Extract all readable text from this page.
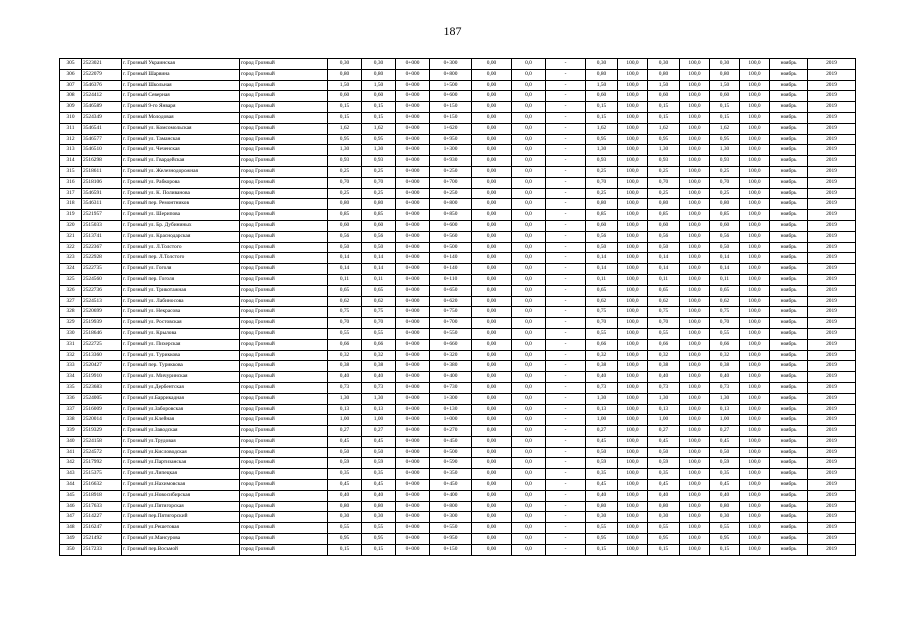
187
305	2523021	г. Грозный Украинская	город Грозный	0,30	0,30	0+000	0+300	0,00	0,0	-	0,30	100,0	0,30	100,0	0,30	100,0	ноябрь	2019
306	2522079	г. Грозный Шарвина	город Грозный	0,80	0,80	0+000	0+800	0,00	0,0	-	0,80	100,0	0,80	100,0	0,80	100,0	ноябрь	2019
307	3546376	г. Грозный Школьная	город Грозный	1,50	1,50	0+000	1+500	0,00	0,0	-	1,50	100,0	1,50	100,0	1,50	100,0	ноябрь	2019
308	2524412	г. Грозный Северная	город Грозный	0,60	0,60	0+000	0+600	0,00	0,0	-	0,60	100,0	0,60	100,0	0,60	100,0	ноябрь	2019
309	3546589	г. Грозный 9-го Января	город Грозный	0,15	0,15	0+000	0+150	0,00	0,0	-	0,15	100,0	0,15	100,0	0,15	100,0	ноябрь	2019
310	2524349	г. Грозный Молодовая	город Грозный	0,15	0,15	0+000	0+150	0,00	0,0	-	0,15	100,0	0,15	100,0	0,15	100,0	ноябрь	2019
311	3546541	г. Грозный ул. Комсомольская	город Грозный	1,62	1,62	0+000	1+620	0,00	0,0	-	1,62	100,0	1,62	100,0	1,62	100,0	ноябрь	2019
312	3546577	г. Грозный ул. Таманская	город Грозный	0,95	0,95	0+000	0+950	0,00	0,0	-	0,95	100,0	0,95	100,0	0,95	100,0	ноябрь	2019
313	3546510	г. Грозный ул. Чеченская	город Грозный	1,30	1,30	0+000	1+300	0,00	0,0	-	1,30	100,0	1,30	100,0	1,30	100,0	ноябрь	2019
314	2516298	г. Грозный ул. Гвардейская	город Грозный	0,93	0,93	0+000	0+930	0,00	0,0	-	0,93	100,0	0,93	100,0	0,93	100,0	ноябрь	2019
315	2518611	г. Грозный ул. Железнодорожная	город Грозный	0,25	0,25	0+000	0+250	0,00	0,0	-	0,25	100,0	0,25	100,0	0,25	100,0	ноябрь	2019
316	2518106	г. Грозный ул. Рабкорова	город Грозный	0,70	0,70	0+000	0+700	0,00	0,0	-	0,70	100,0	0,70	100,0	0,70	100,0	ноябрь	2019
317	3546591	г. Грозный ул. К. Поливанова	город Грозный	0,25	0,25	0+000	0+250	0,00	0,0	-	0,25	100,0	0,25	100,0	0,25	100,0	ноябрь	2019
318	3546311	г. Грозный пер. Ремонтников	город Грозный	0,80	0,80	0+000	0+800	0,00	0,0	-	0,80	100,0	0,80	100,0	0,80	100,0	ноябрь	2019
319	2521957	г. Грозный ул. Шерипова	город Грозный	0,85	0,85	0+000	0+850	0,00	0,0	-	0,85	100,0	0,85	100,0	0,85	100,0	ноябрь	2019
320	2515033	г. Грозный ул. Бр. Дубининых	город Грозный	0,60	0,60	0+000	0+600	0,00	0,0	-	0,60	100,0	0,60	100,0	0,60	100,0	ноябрь	2019
321	2513741	г. Грозный ул. Краснодарская	город Грозный	0,56	0,56	0+000	0+560	0,00	0,0	-	0,56	100,0	0,56	100,0	0,56	100,0	ноябрь	2019
322	2522367	г. Грозный ул. Л.Толстого	город Грозный	0,50	0,50	0+000	0+500	0,00	0,0	-	0,50	100,0	0,50	100,0	0,50	100,0	ноябрь	2019
323	2522928	г. Грозный пер. Л.Толстого	город Грозный	0,14	0,14	0+000	0+140	0,00	0,0	-	0,14	100,0	0,14	100,0	0,14	100,0	ноябрь	2019
324	2522735	г. Грозный ул. Гоголя	город Грозный	0,14	0,14	0+000	0+140	0,00	0,0	-	0,14	100,0	0,14	100,0	0,14	100,0	ноябрь	2019
325	2524560	г. Грозный пер. Гоголя	город Грозный	0,11	0,11	0+000	0+110	0,00	0,0	-	0,11	100,0	0,11	100,0	0,11	100,0	ноябрь	2019
326	2522736	г. Грозный ул. Трикотажная	город Грозный	0,65	0,65	0+000	0+650	0,00	0,0	-	0,65	100,0	0,65	100,0	0,65	100,0	ноябрь	2019
327	2524513	г. Грозный ул. Лабиносова	город Грозный	0,62	0,62	0+000	0+620	0,00	0,0	-	0,62	100,0	0,62	100,0	0,62	100,0	ноябрь	2019
328	2520699	г. Грозный ул. Некрасова	город Грозный	0,75	0,75	0+000	0+750	0,00	0,0	-	0,75	100,0	0,75	100,0	0,75	100,0	ноябрь	2019
329	2519939	г. Грозный ул. Ростовская	город Грозный	0,70	0,70	0+000	0+700	0,00	0,0	-	0,70	100,0	0,70	100,0	0,70	100,0	ноябрь	2019
330	2518646	г. Грозный ул. Крылова	город Грозный	0,55	0,55	0+000	0+550	0,00	0,0	-	0,55	100,0	0,55	100,0	0,55	100,0	ноябрь	2019
331	2522725	г. Грозный ул. Пихерская	город Грозный	0,66	0,66	0+000	0+660	0,00	0,0	-	0,66	100,0	0,66	100,0	0,66	100,0	ноябрь	2019
332	2513360	г. Грозный ул. Туриккова	город Грозный	0,32	0,32	0+000	0+320	0,00	0,0	-	0,32	100,0	0,32	100,0	0,32	100,0	ноябрь	2019
333	2520427	г. Грозный пер. Туриккова	город Грозный	0,38	0,38	0+000	0+380	0,00	0,0	-	0,38	100,0	0,38	100,0	0,38	100,0	ноябрь	2019
334	2519910	г. Грозный ул. Мичуринская	город Грозный	0,40	0,40	0+000	0+400	0,00	0,0	-	0,40	100,0	0,40	100,0	0,40	100,0	ноябрь	2019
335	2523683	г. Грозный ул.Дербентская	город Грозный	0,73	0,73	0+000	0+730	0,00	0,0	-	0,73	100,0	0,73	100,0	0,73	100,0	ноябрь	2019
336	2524005	г. Грозный ул.Баррикадная	город Грозный	1,30	1,30	0+000	1+300	0,00	0,0	-	1,30	100,0	1,30	100,0	1,30	100,0	ноябрь	2019
337	2516009	г. Грозный ул.Заборовская	город Грозный	0,13	0,13	0+000	0+130	0,00	0,0	-	0,13	100,0	0,13	100,0	0,13	100,0	ноябрь	2019
338	2520014	г. Грозный ул.Клейная	город Грозный	1,00	1,00	0+000	1+000	0,00	0,0	-	1,00	100,0	1,00	100,0	1,00	100,0	ноябрь	2019
339	2519329	г. Грозный ул.Заводская	город Грозный	0,27	0,27	0+000	0+270	0,00	0,0	-	0,27	100,0	0,27	100,0	0,27	100,0	ноябрь	2019
340	2524158	г. Грозный ул.Трудовая	город Грозный	0,45	0,45	0+000	0+450	0,00	0,0	-	0,45	100,0	0,45	100,0	0,45	100,0	ноябрь	2019
341	2524572	г. Грозный ул.Кисловодская	город Грозный	0,50	0,50	0+000	0+500	0,00	0,0	-	0,50	100,0	0,50	100,0	0,50	100,0	ноябрь	2019
342	2517992	г. Грозный ул.Партизанская	город Грозный	0,59	0,59	0+000	0+590	0,00	0,0	-	0,59	100,0	0,59	100,0	0,59	100,0	ноябрь	2019
343	2515375	г. Грозный ул.Липецкая	город Грозный	0,35	0,35	0+000	0+350	0,00	0,0	-	0,35	100,0	0,35	100,0	0,35	100,0	ноябрь	2019
344	2516632	г. Грозный ул.Нахимовская	город Грозный	0,45	0,45	0+000	0+450	0,00	0,0	-	0,45	100,0	0,45	100,0	0,45	100,0	ноябрь	2019
345	2518918	г. Грозный ул.Новосибирская	город Грозный	0,40	0,40	0+000	0+400	0,00	0,0	-	0,40	100,0	0,40	100,0	0,40	100,0	ноябрь	2019
346	2517633	г. Грозный ул.Пятигорская	город Грозный	0,80	0,80	0+000	0+800	0,00	0,0	-	0,80	100,0	0,80	100,0	0,80	100,0	ноябрь	2019
347	2514227	г. Грозный пер.Пятигорский	город Грозный	0,30	0,30	0+000	0+300	0,00	0,0	-	0,30	100,0	0,30	100,0	0,30	100,0	ноябрь	2019
348	2516247	г. Грозный ул.Решетовая	город Грозный	0,55	0,55	0+000	0+550	0,00	0,0	-	0,55	100,0	0,55	100,0	0,55	100,0	ноябрь	2019
349	2521492	г. Грозный ул.Мансурова	город Грозный	0,95	0,95	0+000	0+950	0,00	0,0	-	0,95	100,0	0,95	100,0	0,95	100,0	ноябрь	2019
350	2517233	г. Грозный пер.Восьмой	город Грозный	0,15	0,15	0+000	0+150	0,00	0,0	-	0,15	100,0	0,15	100,0	0,15	100,0	ноябрь	2019
